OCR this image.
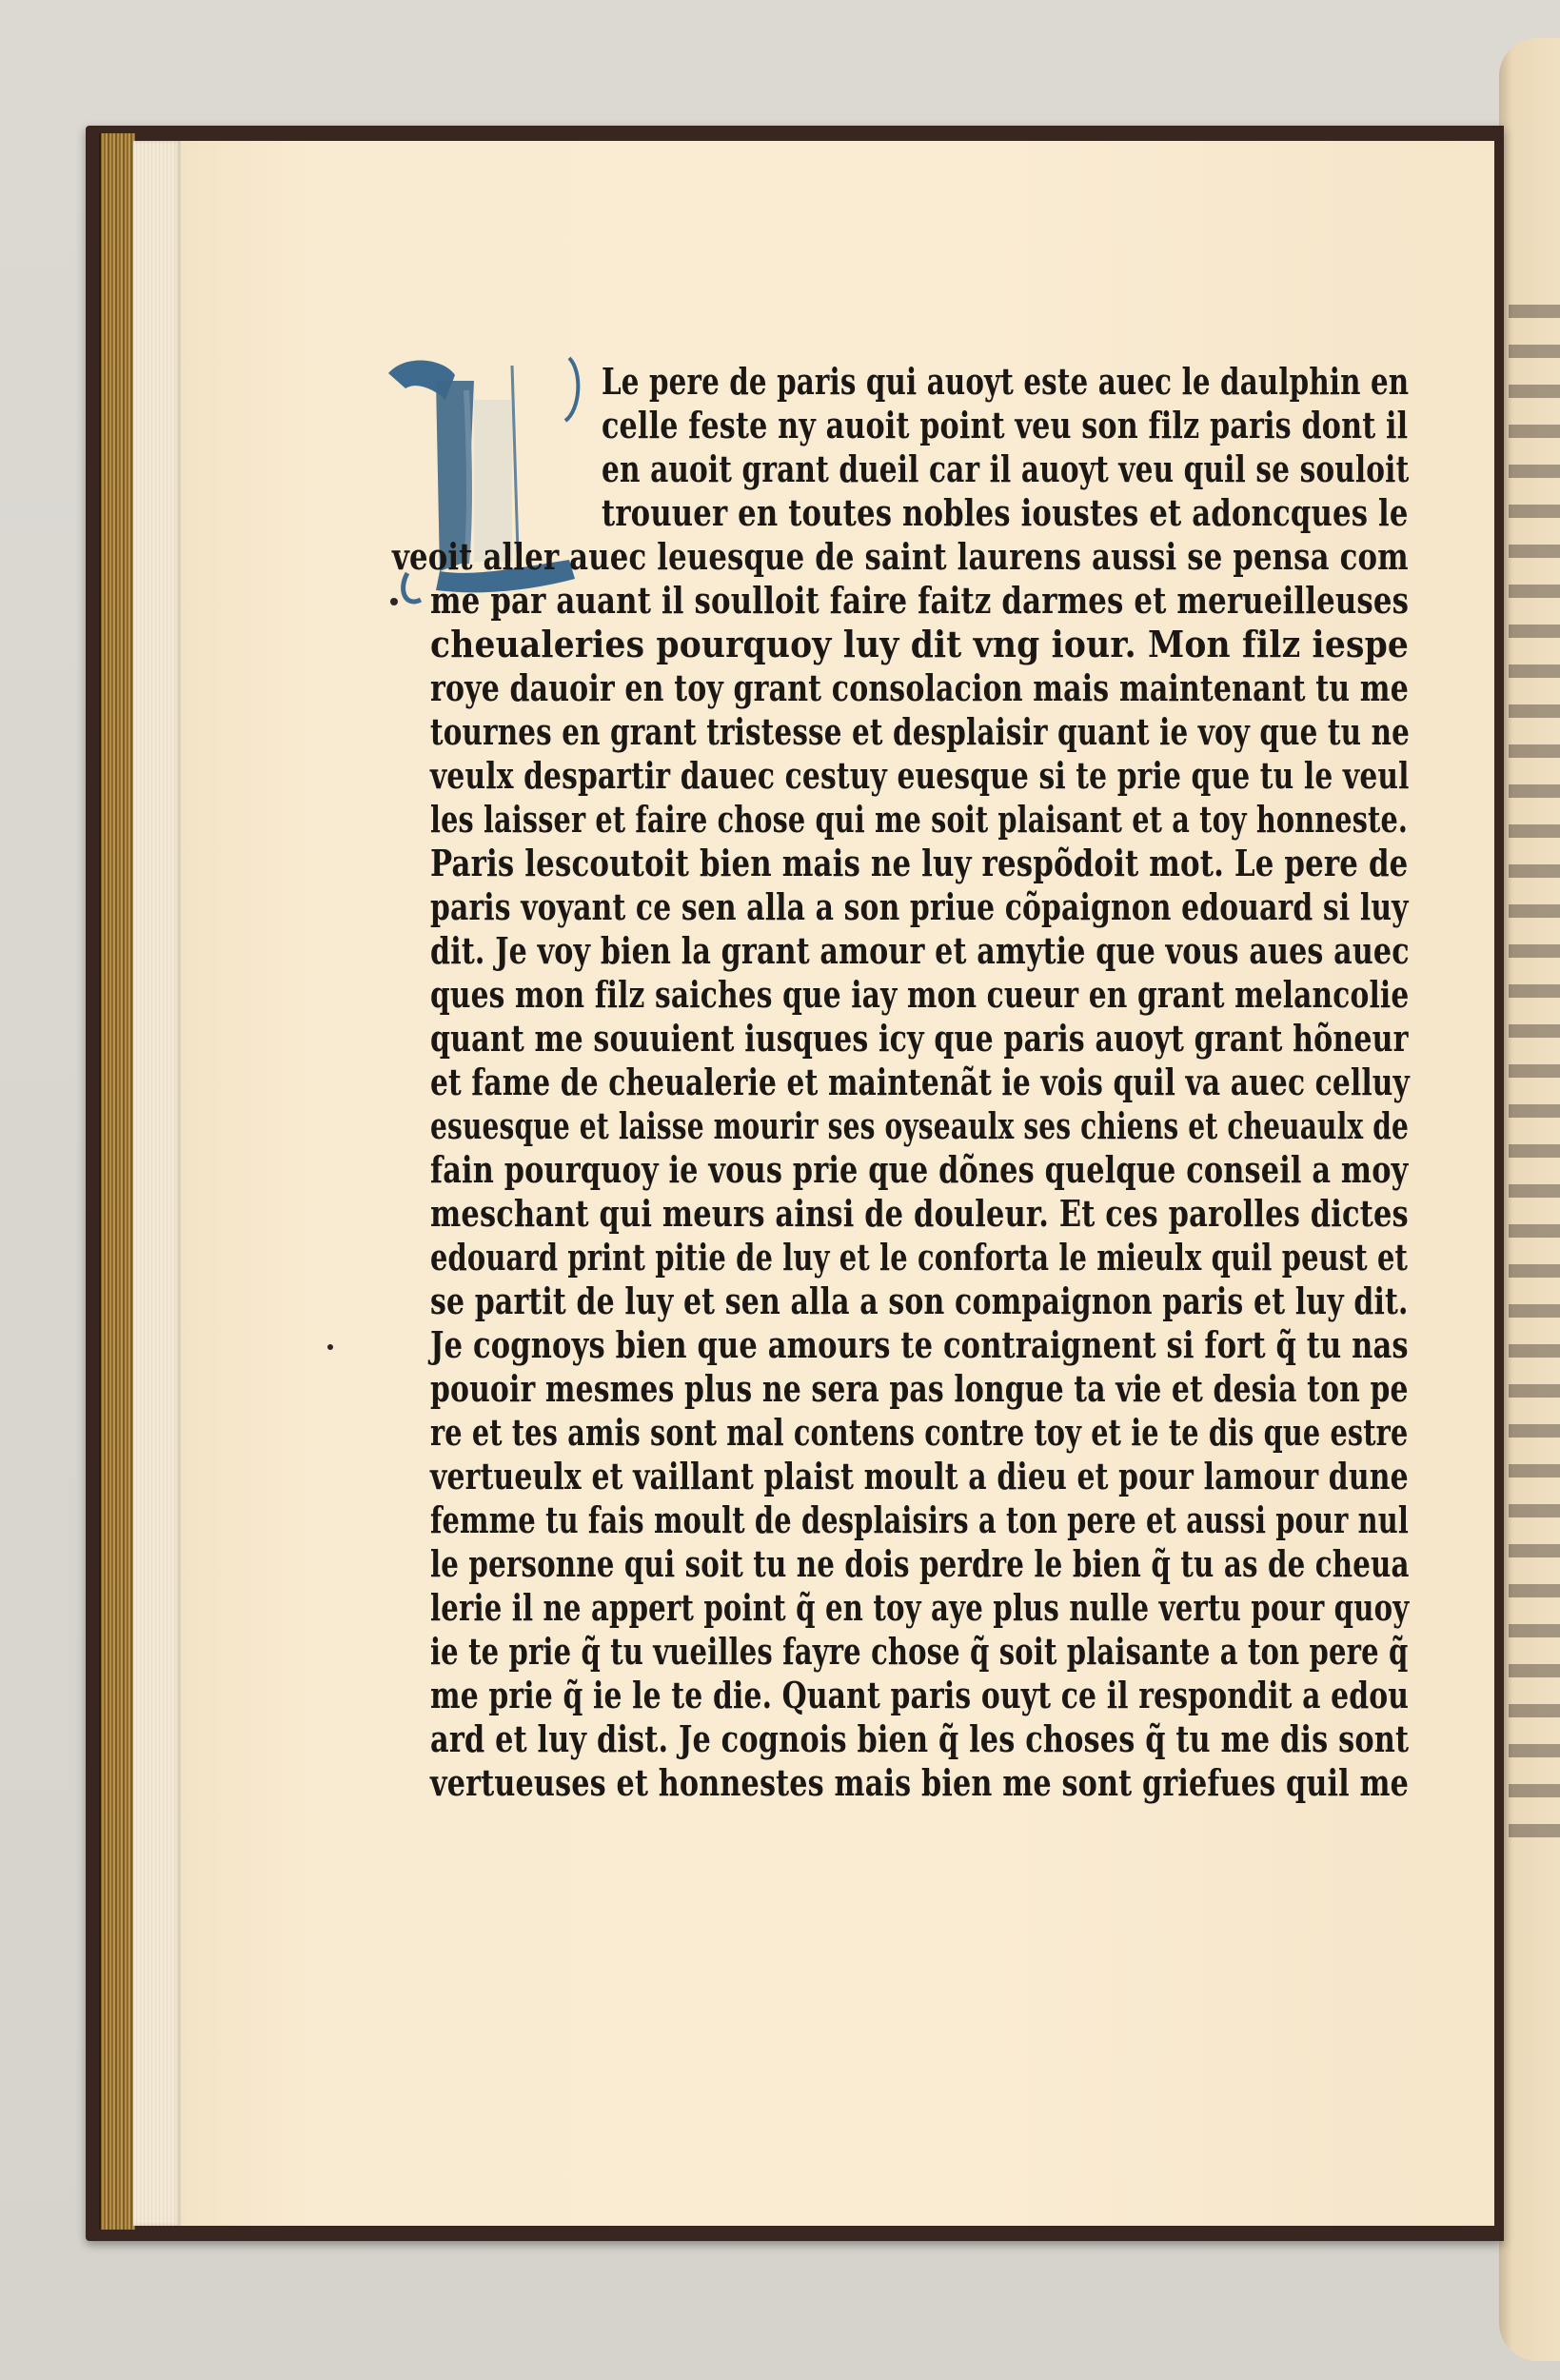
Le pere de paris qui auoyt este auec le daulphin en
celle feste ny auoit point veu son filz paris dont il
en auoit grant dueil car il auoyt veu quil se souloit
trouuer en toutes nobles ioustes et adoncques le
veoit aller auec leuesque de saint laurens aussi se pensa com
me par auant il soulloit faire faitz darmes et merueilleuses
cheualeries pourquoy luy dit vng iour. Mon filz iespe
roye dauoir en toy grant consolacion mais maintenant tu me
tournes en grant tristesse et desplaisir quant ie voy que tu ne
veulx despartir dauec cestuy euesque si te prie que tu le veul
les laisser et faire chose qui me soit plaisant et a toy honneste.
Paris lescoutoit bien mais ne luy respõdoit mot. Le pere de
paris voyant ce sen alla a son priue cõpaignon edouard si luy
dit. Je voy bien la grant amour et amytie que vous aues auec
ques mon filz saiches que iay mon cueur en grant melancolie
quant me souuient iusques icy que paris auoyt grant hõneur
et fame de cheualerie et maintenãt ie vois quil va auec celluy
esuesque et laisse mourir ses oyseaulx ses chiens et cheuaulx de
fain pourquoy ie vous prie que dõnes quelque conseil a moy
meschant qui meurs ainsi de douleur. Et ces parolles dictes
edouard print pitie de luy et le conforta le mieulx quil peust et
se partit de luy et sen alla a son compaignon paris et luy dit.
Je cognoys bien que amours te contraignent si fort q̃ tu nas
pouoir mesmes plus ne sera pas longue ta vie et desia ton pe
re et tes amis sont mal contens contre toy et ie te dis que estre
vertueulx et vaillant plaist moult a dieu et pour lamour dune
femme tu fais moult de desplaisirs a ton pere et aussi pour nul
le personne qui soit tu ne dois perdre le bien q̃ tu as de cheua
lerie il ne appert point q̃ en toy aye plus nulle vertu pour quoy
ie te prie q̃ tu vueilles fayre chose q̃ soit plaisante a ton pere q̃
me prie q̃ ie le te die. Quant paris ouyt ce il respondit a edou
ard et luy dist. Je cognois bien q̃ les choses q̃ tu me dis sont
vertueuses et honnestes mais bien me sont griefues quil me
